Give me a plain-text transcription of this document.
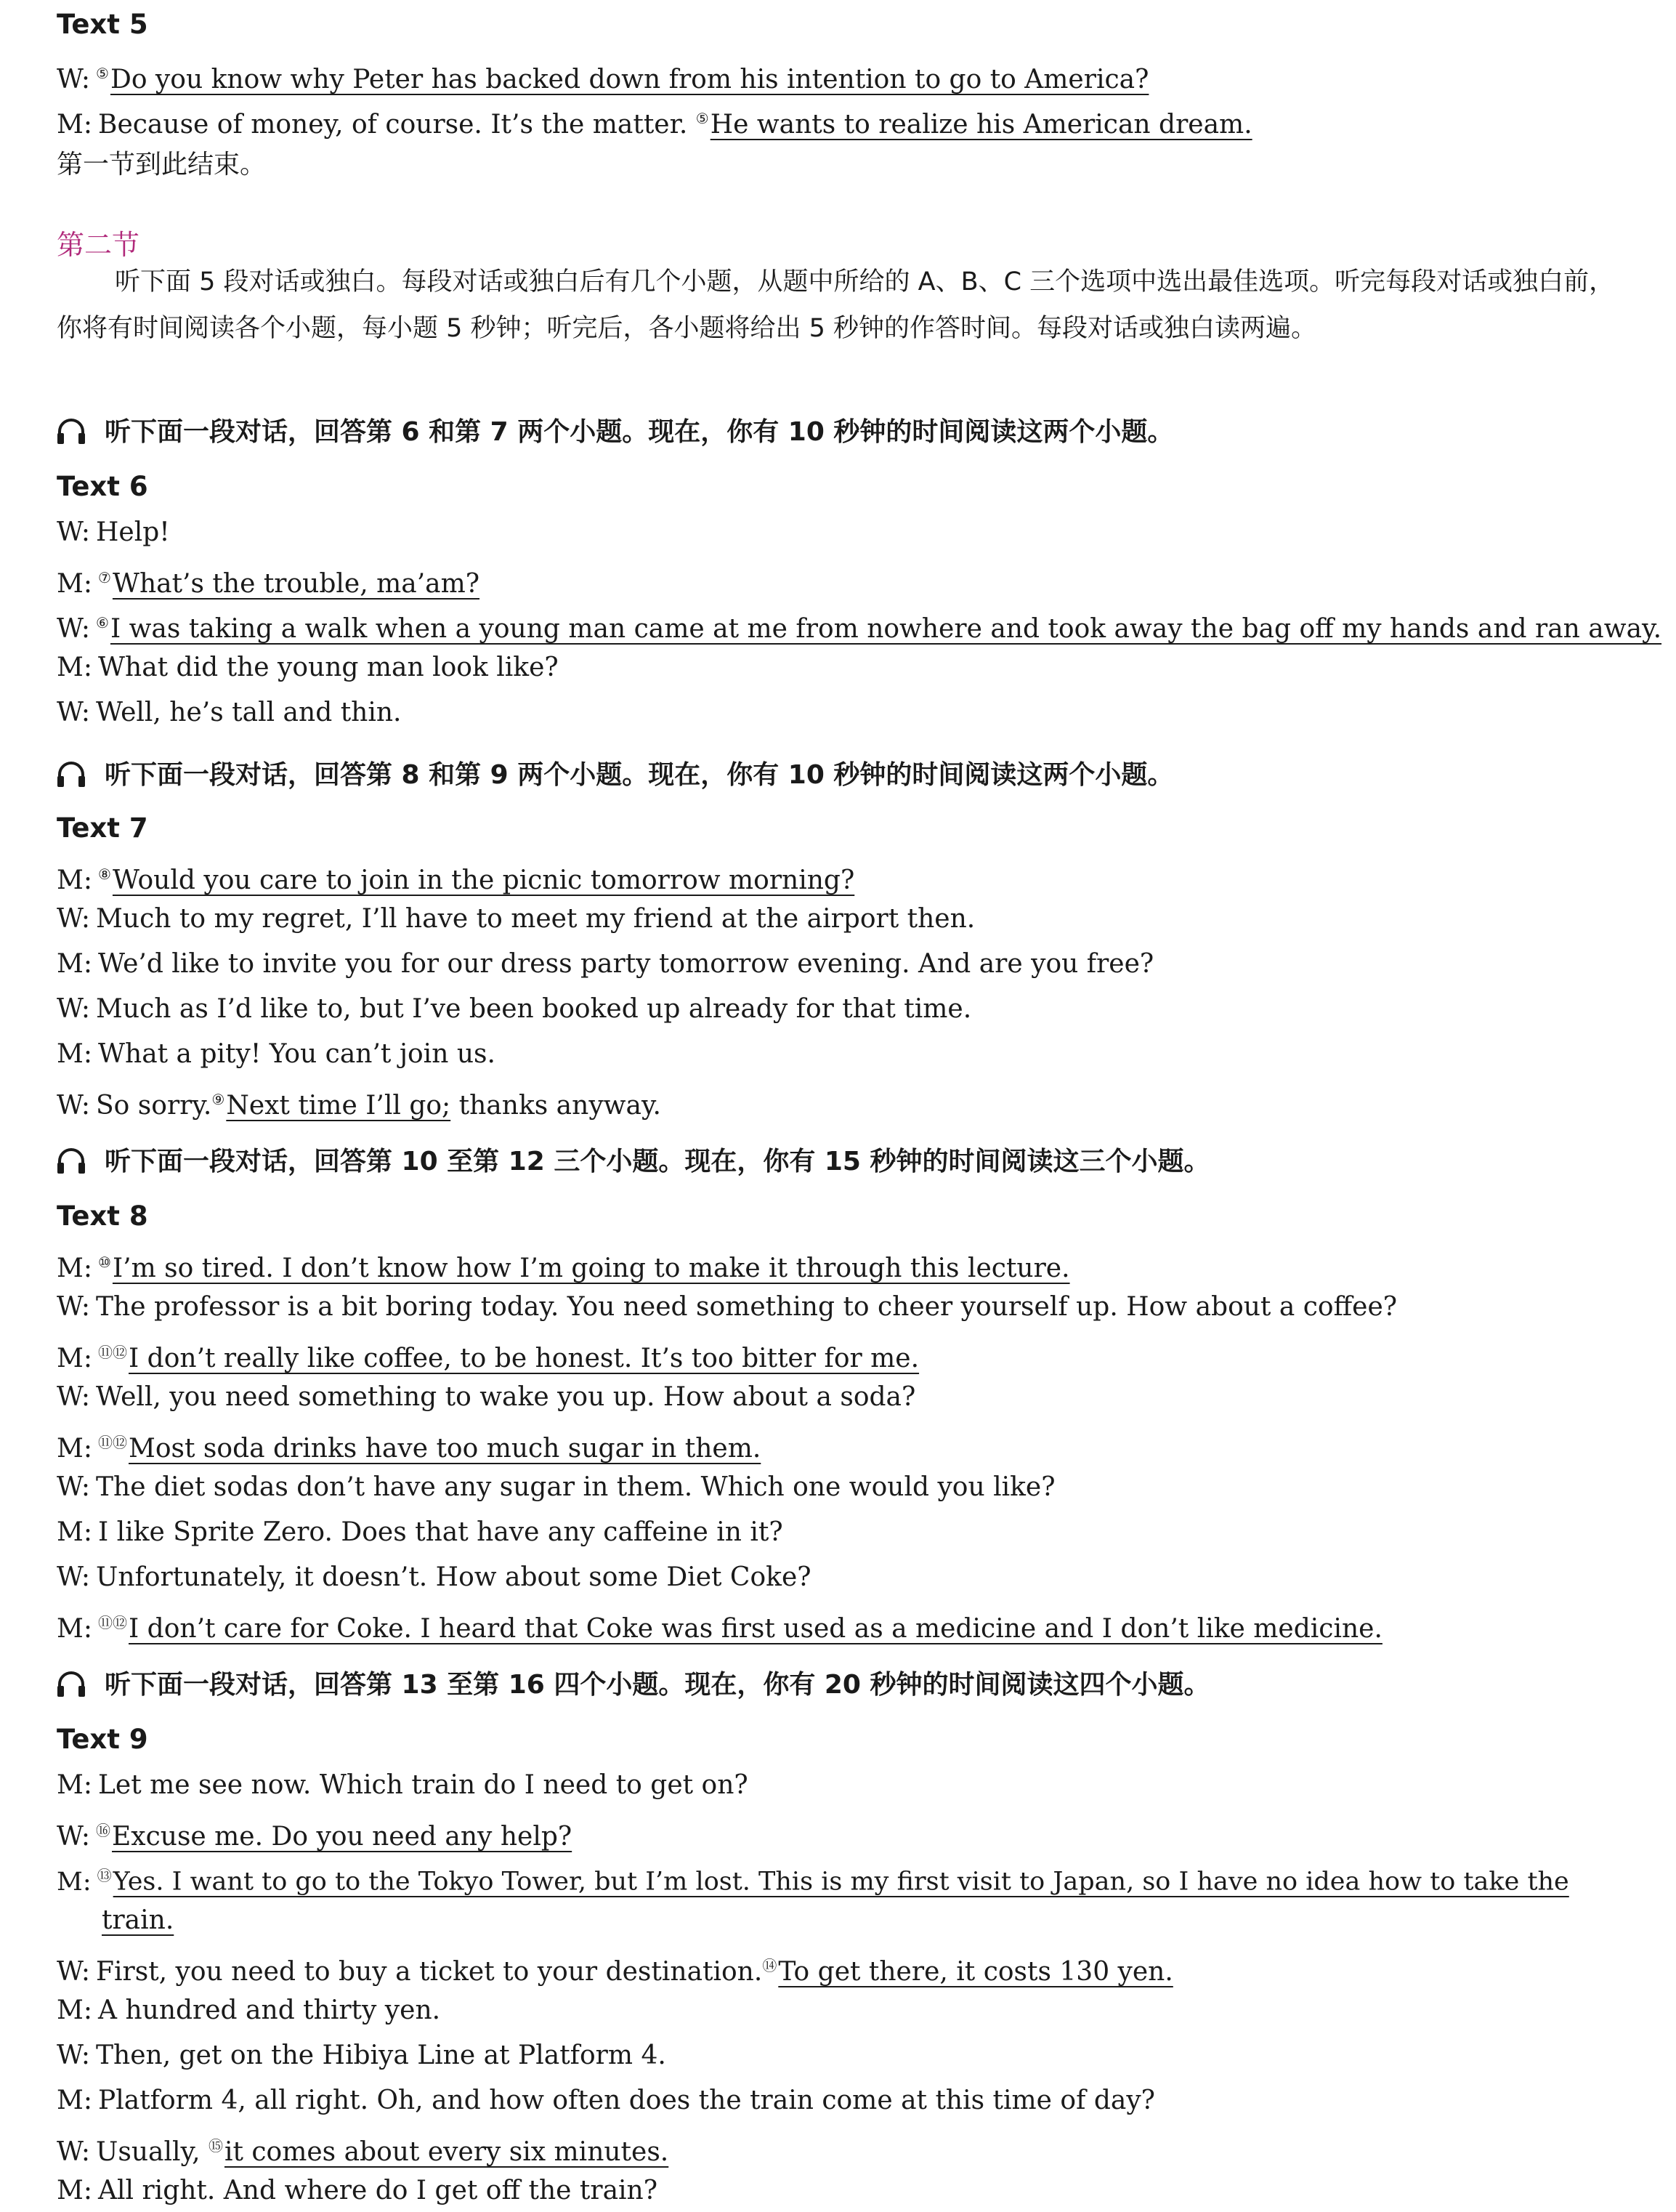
Text 5
W: ⑤Do you know why Peter has backed down from his intention to go to America?
M: Because of money, of course. It’s the matter. ⑤He wants to realize his American dream.
第一节到此结束。
第二节
听下面 5 段对话或独白。每段对话或独白后有几个小题，从题中所给的 A、B、C 三个选项中选出最佳选项。听完每段对话或独白前，你将有时间阅读各个小题，每小题 5 秒钟；听完后，各小题将给出 5 秒钟的作答时间。每段对话或独白读两遍。
听下面一段对话，回答第 6 和第 7 两个小题。现在，你有 10 秒钟的时间阅读这两个小题。
Text 6
W: Help!
M: ⑦What’s the trouble, ma’am?
W: ⑥I was taking a walk when a young man came at me from nowhere and took away the bag off my hands and ran away.
M: What did the young man look like?
W: Well, he’s tall and thin.
听下面一段对话，回答第 8 和第 9 两个小题。现在，你有 10 秒钟的时间阅读这两个小题。
Text 7
M: ⑧Would you care to join in the picnic tomorrow morning?
W: Much to my regret, I’ll have to meet my friend at the airport then.
M: We’d like to invite you for our dress party tomorrow evening. And are you free?
W: Much as I’d like to, but I’ve been booked up already for that time.
M: What a pity! You can’t join us.
W: So sorry.⑨Next time I’ll go; thanks anyway.
听下面一段对话，回答第 10 至第 12 三个小题。现在，你有 15 秒钟的时间阅读这三个小题。
Text 8
M: ⑩I’m so tired. I don’t know how I’m going to make it through this lecture.
W: The professor is a bit boring today. You need something to cheer yourself up. How about a coffee?
M: ⑪⑫I don’t really like coffee, to be honest. It’s too bitter for me.
W: Well, you need something to wake you up. How about a soda?
M: ⑪⑫Most soda drinks have too much sugar in them.
W: The diet sodas don’t have any sugar in them. Which one would you like?
M: I like Sprite Zero. Does that have any caffeine in it?
W: Unfortunately, it doesn’t. How about some Diet Coke?
M: ⑪⑫I don’t care for Coke. I heard that Coke was first used as a medicine and I don’t like medicine.
听下面一段对话，回答第 13 至第 16 四个小题。现在，你有 20 秒钟的时间阅读这四个小题。
Text 9
M: Let me see now. Which train do I need to get on?
W: ⑯Excuse me. Do you need any help?
M: ⑬Yes. I want to go to the Tokyo Tower, but I’m lost. This is my first visit to Japan, so I have no idea how to take the
train.
W: First, you need to buy a ticket to your destination.⑭To get there, it costs 130 yen.
M: A hundred and thirty yen.
W: Then, get on the Hibiya Line at Platform 4.
M: Platform 4, all right. Oh, and how often does the train come at this time of day?
W: Usually, ⑮it comes about every six minutes.
M: All right. And where do I get off the train?
